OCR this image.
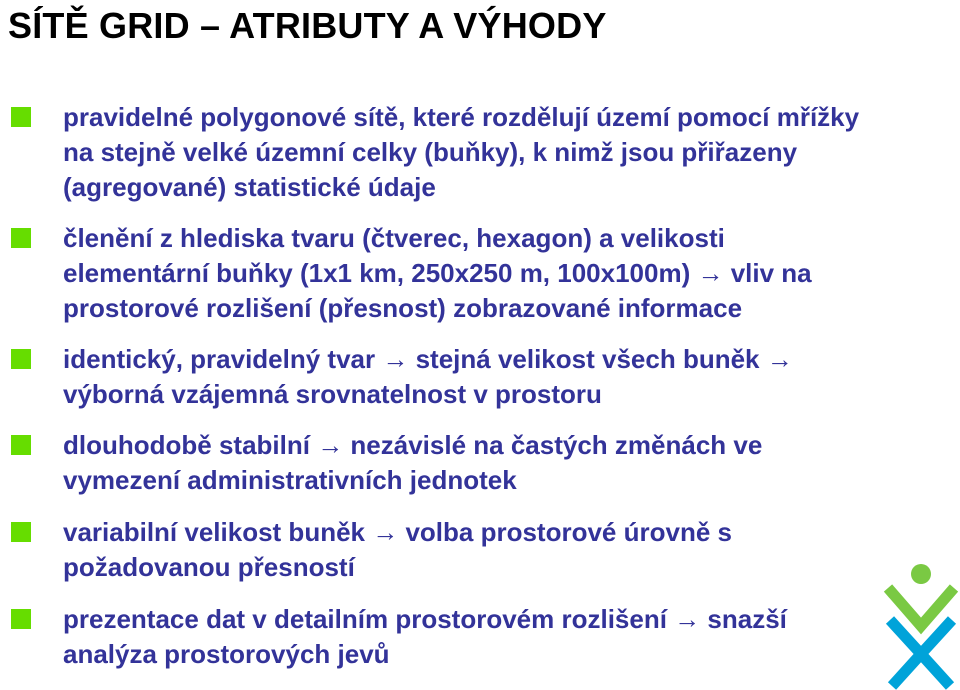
SÍTĚ GRID – ATRIBUTY A VÝHODY
pravidelné polygonové sítě, které rozdělují území pomocí mřížky na stejně velké územní celky (buňky), k nimž jsou přiřazeny (agregované) statistické údaje
členění z hlediska tvaru (čtverec, hexagon) a velikosti elementární buňky (1x1 km, 250x250 m, 100x100m) → vliv na prostorové rozlišení (přesnost) zobrazované informace
identický, pravidelný tvar → stejná velikost všech buněk → výborná vzájemná srovnatelnost v prostoru
dlouhodobě stabilní → nezávislé na častých změnách ve vymezení administrativních jednotek
variabilní velikost buněk → volba prostorové úrovně s požadovanou přesností
prezentace dat v detailním prostorovém rozlišení → snazší analýza prostorových jevů
